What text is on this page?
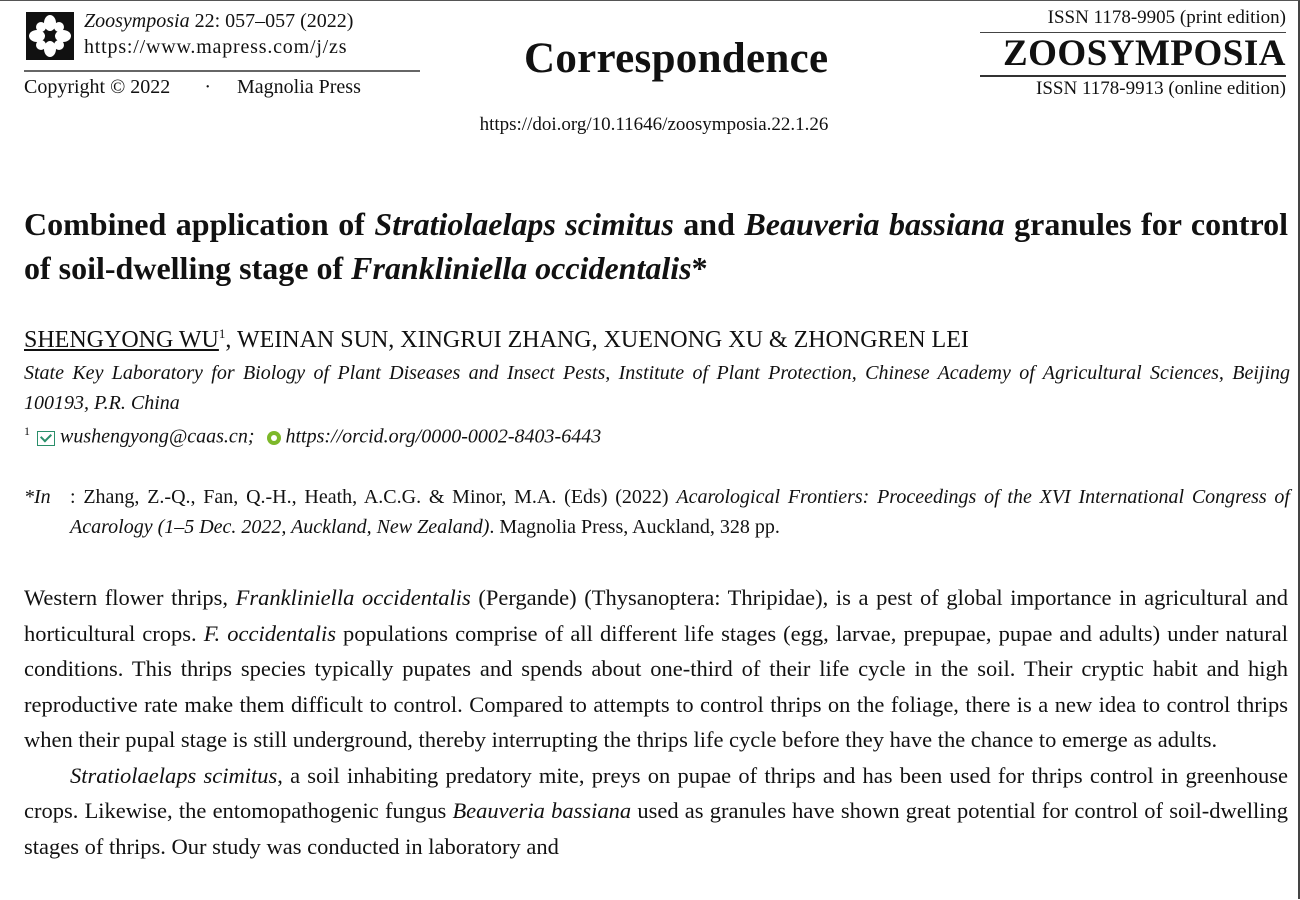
Zoosymposia 22: 057–057 (2022)
https://www.mapress.com/j/zs
Copyright © 2022 · Magnolia Press
Correspondence
ISSN 1178-9905 (print edition)
ZOOSYMPOSIA
ISSN 1178-9913 (online edition)
https://doi.org/10.11646/zoosymposia.22.1.26
Combined application of Stratiolaelaps scimitus and Beauveria bassiana granules for control of soil-dwelling stage of Frankliniella occidentalis*
SHENGYONG $WU^1$, WEINAN SUN, XINGRUI ZHANG, XUENONG XU & ZHONGREN LEI
State Key Laboratory for Biology of Plant Diseases and Insect Pests, Institute of Plant Protection, Chinese Academy of Agricultural Sciences, Beijing 100193, P.R. China
$^1$ wushengyong@caas.cn; https://orcid.org/0000-0002-8403-6443
*In : Zhang, Z.-Q., Fan, Q.-H., Heath, A.C.G. & Minor, M.A. (Eds) (2022) Acarological Frontiers: Proceedings of the XVI International Congress of Acarology (1–5 Dec. 2022, Auckland, New Zealand). Magnolia Press, Auckland, 328 pp.

Western flower thrips, Frankliniella occidentalis (Pergande) (Thysanoptera: Thripidae), is a pest of global importance in agricultural and horticultural crops. F. occidentalis populations comprise of all different life stages (egg, larvae, prepupae, pupae and adults) under natural conditions. This thrips species typically pupates and spends about one-third of their life cycle in the soil. Their cryptic habit and high reproductive rate make them difficult to control. Compared to attempts to control thrips on the foliage, there is a new idea to control thrips when their pupal stage is still underground, thereby interrupting the thrips life cycle before they have the chance to emerge as adults.

Stratiolaelaps scimitus, a soil inhabiting predatory mite, preys on pupae of thrips and has been used for thrips control in greenhouse crops. Likewise, the entomopathogenic fungus Beauveria bassiana used as granules have shown great potential for control of soil-dwelling stages of thrips. Our study was conducted in laboratory and
